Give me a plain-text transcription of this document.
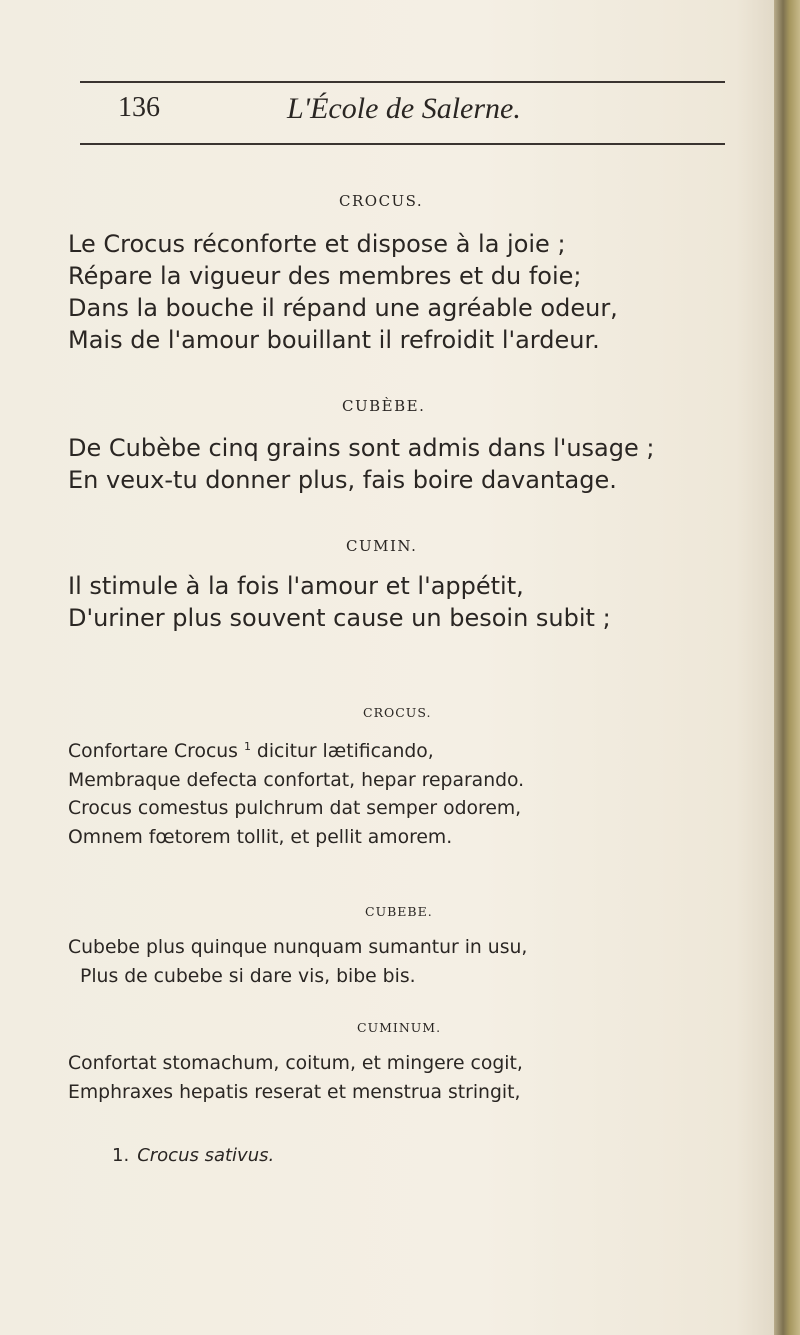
136	L'École de Salerne.
CROCUS.
Le Crocus réconforte et dispose à la joie ;
Répare la vigueur des membres et du foie;
Dans la bouche il répand une agréable odeur,
Mais de l'amour bouillant il refroidit l'ardeur.
CUBÈBE.
De Cubèbe cinq grains sont admis dans l'usage ;
En veux-tu donner plus, fais boire davantage.
CUMIN.
Il stimule à la fois l'amour et l'appétit,
D'uriner plus souvent cause un besoin subit ;
CROCUS.
Confortare Crocus $^1$ dicitur lætificando,
Membraque defecta confortat, hepar reparando.
Crocus comestus pulchrum dat semper odorem,
Omnem fœtorem tollit, et pellit amorem.
CUBEBE.
Cubebe plus quinque nunquam sumantur in usu,
Plus de cubebe si dare vis, bibe bis.
CUMINUM.
Confortat stomachum, coitum, et mingere cogit,
Emphraxes hepatis reserat et menstrua stringit,
1. Crocus sativus.
